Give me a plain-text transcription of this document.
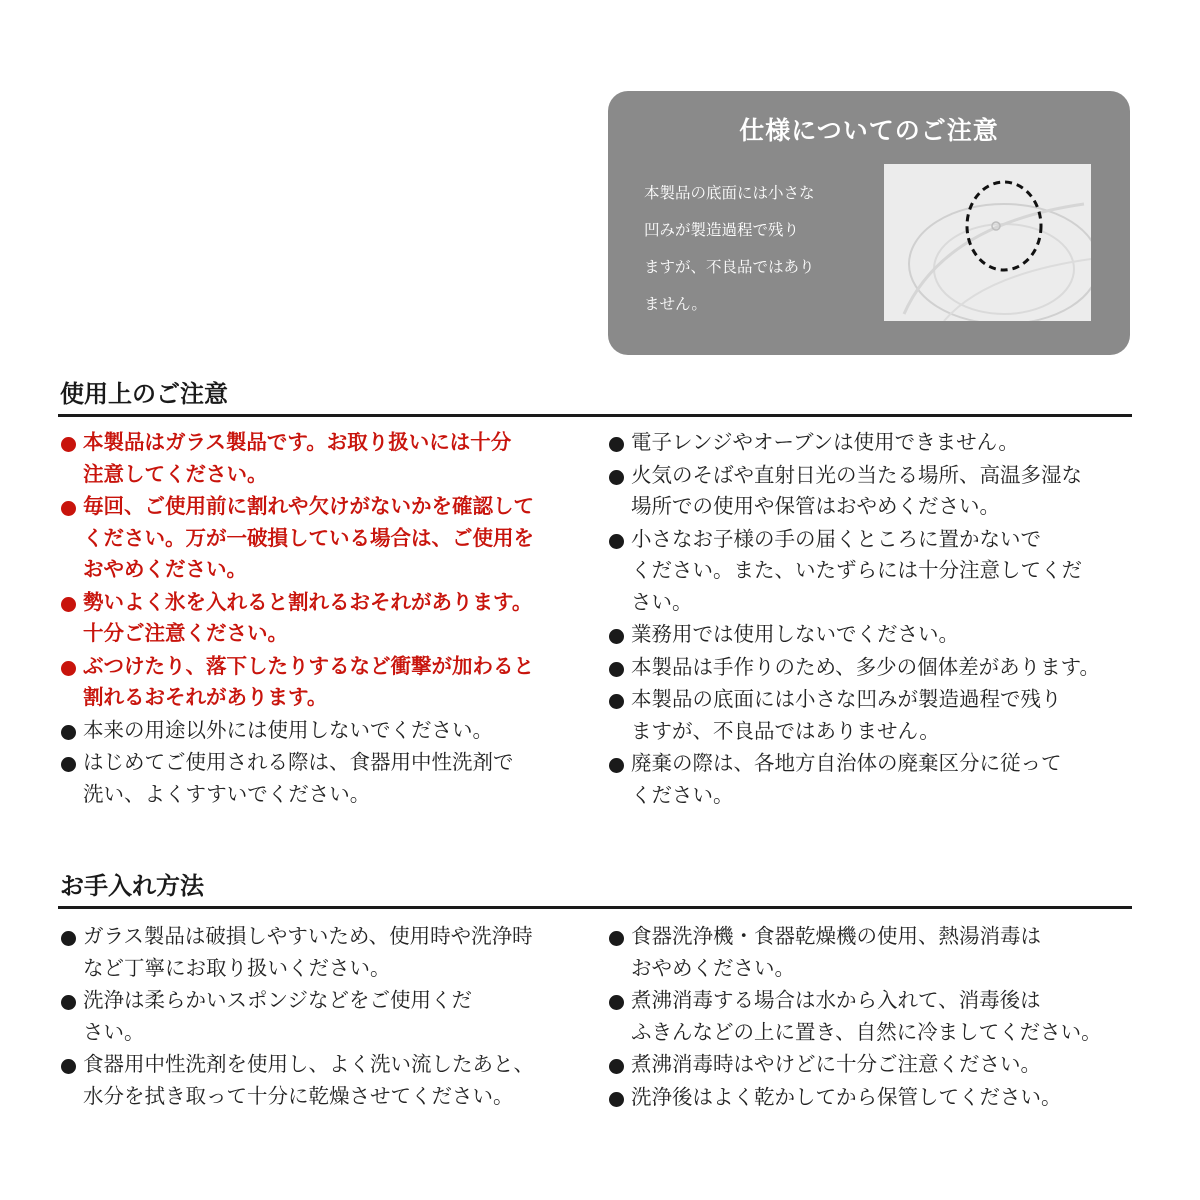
仕様についてのご注意
本製品の底面には小さな
凹みが製造過程で残り
ますが、不良品ではあり
ません。
使用上のご注意
本製品はガラス製品です。お取り扱いには十分
注意してください。
毎回、ご使用前に割れや欠けがないかを確認して
ください。万が一破損している場合は、ご使用を
おやめください。
勢いよく氷を入れると割れるおそれがあります。
十分ご注意ください。
ぶつけたり、落下したりするなど衝撃が加わると
割れるおそれがあります。
本来の用途以外には使用しないでください。
はじめてご使用される際は、食器用中性洗剤で
洗い、よくすすいでください。
電子レンジやオーブンは使用できません。
火気のそばや直射日光の当たる場所、高温多湿な
場所での使用や保管はおやめください。
小さなお子様の手の届くところに置かないで
ください。また、いたずらには十分注意してくだ
さい。
業務用では使用しないでください。
本製品は手作りのため、多少の個体差があります。
本製品の底面には小さな凹みが製造過程で残り
ますが、不良品ではありません。
廃棄の際は、各地方自治体の廃棄区分に従って
ください。
お手入れ方法
ガラス製品は破損しやすいため、使用時や洗浄時
など丁寧にお取り扱いください。
洗浄は柔らかいスポンジなどをご使用くだ
さい。
食器用中性洗剤を使用し、よく洗い流したあと、
水分を拭き取って十分に乾燥させてください。
食器洗浄機・食器乾燥機の使用、熱湯消毒は
おやめください。
煮沸消毒する場合は水から入れて、消毒後は
ふきんなどの上に置き、自然に冷ましてください。
煮沸消毒時はやけどに十分ご注意ください。
洗浄後はよく乾かしてから保管してください。
